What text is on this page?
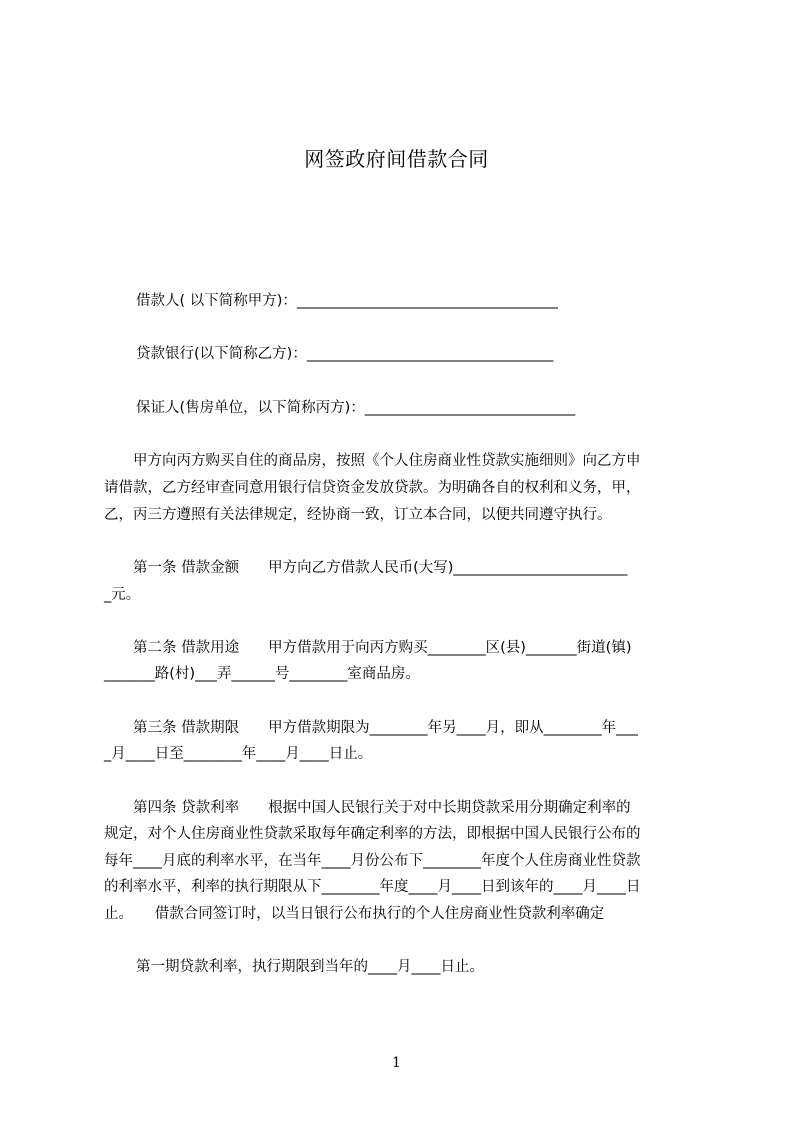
网签政府间借款合同
借款人( 以下简称甲方)：____________________________________
贷款银行(以下简称乙方)：__________________________________
保证人(售房单位，以下简称丙方)：_____________________________
　　甲方向丙方购买自住的商品房，按照《个人住房商业性贷款实施细则》向乙方申
请借款，乙方经审查同意用银行信贷资金发放贷款。为明确各自的权利和义务，甲，
乙，丙三方遵照有关法律规定，经协商一致，订立本合同，以便共同遵守执行。
　　第一条 借款金额　　甲方向乙方借款人民币(大写)________________________
_元。
　　第二条 借款用途　　甲方借款用于向丙方购买________区(县)_______街道(镇)
_______路(村)___弄______号________室商品房。
　　第三条 借款期限　　甲方借款期限为________年另____月，即从________年___
_月____日至________年____月____日止。
　　第四条 贷款利率　　根据中国人民银行关于对中长期贷款采用分期确定利率的
规定，对个人住房商业性贷款采取每年确定利率的方法，即根据中国人民银行公布的
每年____月底的利率水平，在当年____月份公布下________年度个人住房商业性贷款
的利率水平，利率的执行期限从下________年度____月____日到该年的____月____日
止。　　借款合同签订时，以当日银行公布执行的个人住房商业性贷款利率确定
第一期贷款利率，执行期限到当年的____月____日止。
1
